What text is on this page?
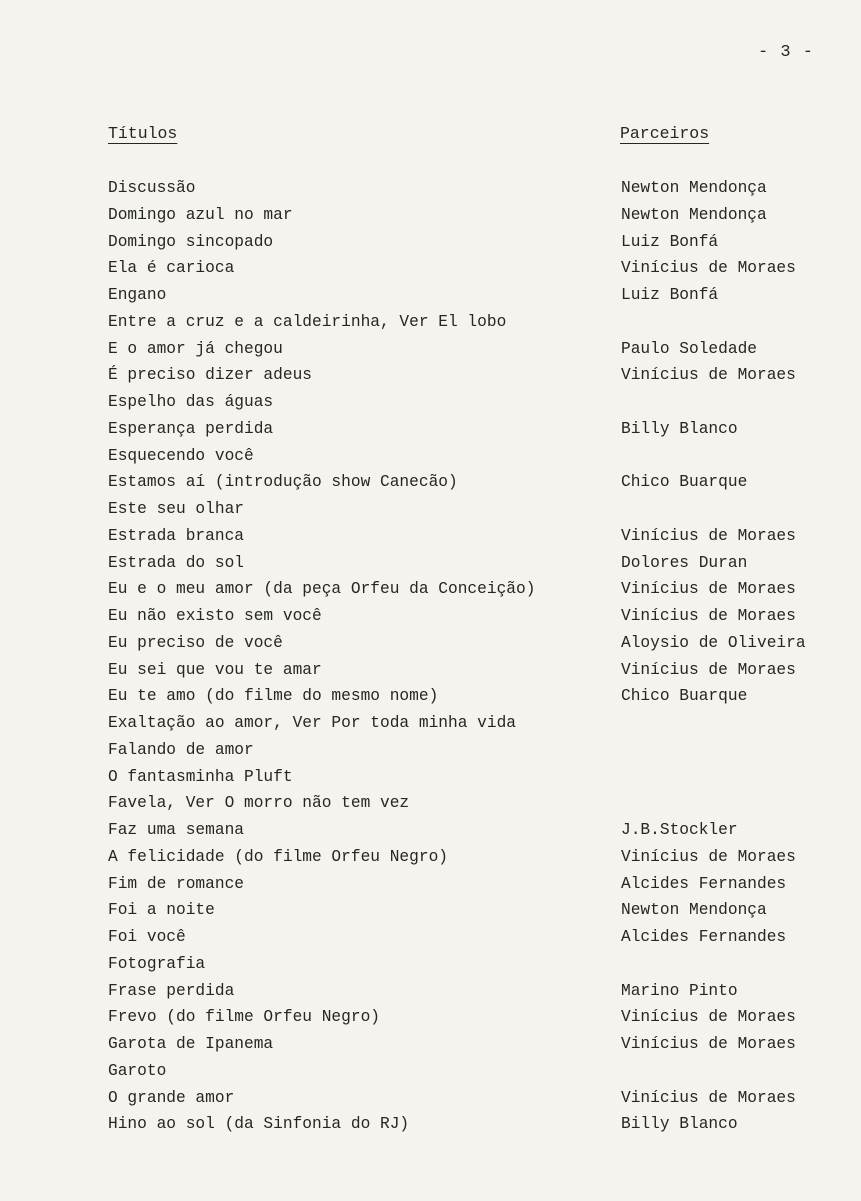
- 3 -
Títulos	Parceiros
Discussão	Newton Mendonça
Domingo azul no mar	Newton Mendonça
Domingo sincopado	Luiz Bonfá
Ela é carioca	Vinícius de Moraes
Engano	Luiz Bonfá
Entre a cruz e a caldeirinha, Ver El lobo
E o amor já chegou	Paulo Soledade
É preciso dizer adeus	Vinícius de Moraes
Espelho das águas
Esperança perdida	Billy Blanco
Esquecendo você
Estamos aí (introdução show Canecão)	Chico Buarque
Este seu olhar
Estrada branca	Vinícius de Moraes
Estrada do sol	Dolores Duran
Eu e o meu amor (da peça Orfeu da Conceição)	Vinícius de Moraes
Eu não existo sem você	Vinícius de Moraes
Eu preciso de você	Aloysio de Oliveira
Eu sei que vou te amar	Vinícius de Moraes
Eu te amo (do filme do mesmo nome)	Chico Buarque
Exaltação ao amor, Ver Por toda minha vida
Falando de amor
O fantasminha Pluft
Favela, Ver O morro não tem vez
Faz uma semana	J.B.Stockler
A felicidade (do filme Orfeu Negro)	Vinícius de Moraes
Fim de romance	Alcides Fernandes
Foi a noite	Newton Mendonça
Foi você	Alcides Fernandes
Fotografia
Frase perdida	Marino Pinto
Frevo (do filme Orfeu Negro)	Vinícius de Moraes
Garota de Ipanema	Vinícius de Moraes
Garoto
O grande amor	Vinícius de Moraes
Hino ao sol (da Sinfonia do RJ)	Billy Blanco
